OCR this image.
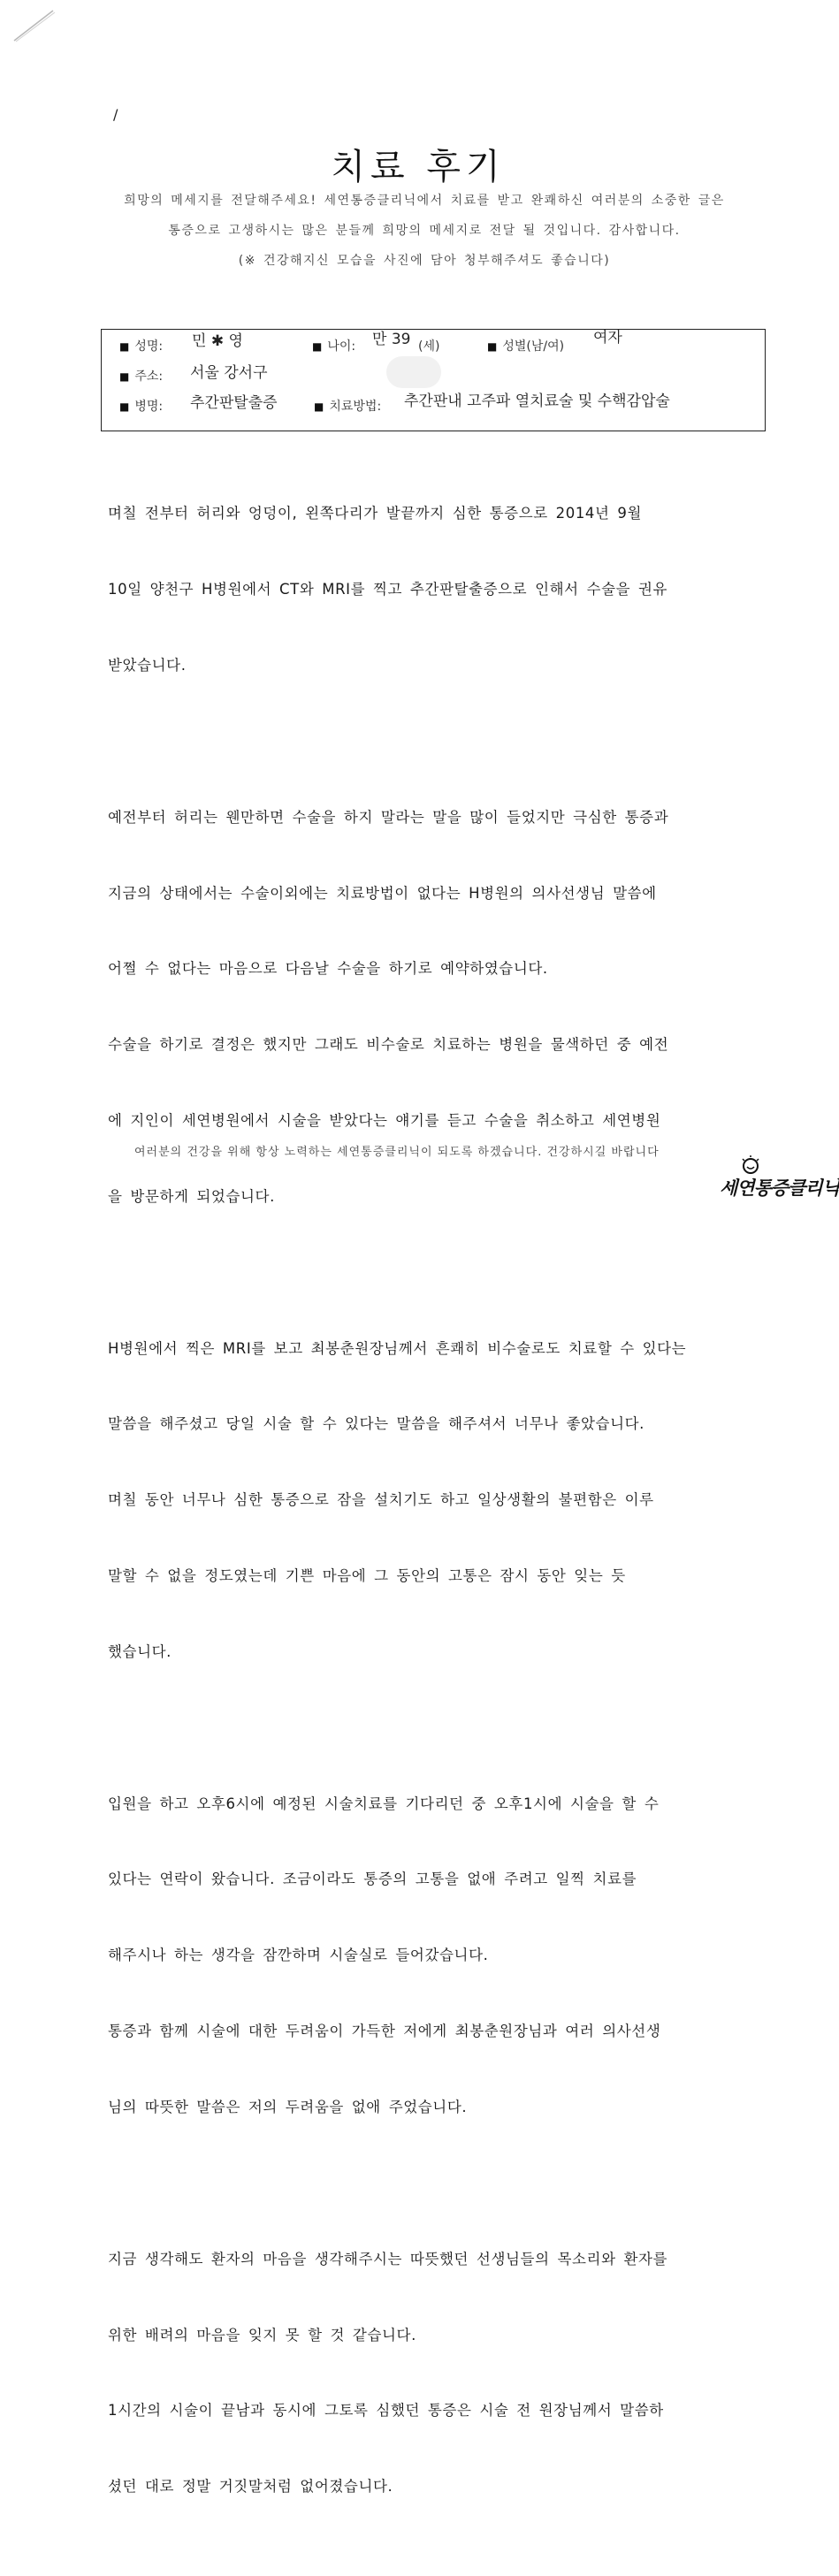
/
치료 후기
희망의 메세지를 전달해주세요! 세연통증클리닉에서 치료를 받고 완쾌하신 여러분의 소중한 글은
통증으로 고생하시는 많은 분들께 희망의 메세지로 전달 될 것입니다. 감사합니다.
(※ 건강해지신 모습을 사진에 담아 청부해주셔도 좋습니다)
■ 성명: 민 ✱ 영	■ 나이: 만 39 (세)	■ 성별(남/여) 여자
■ 주소: 서울 강서구
■ 병명: 추간판탈출증	■ 치료방법: 추간판내 고주파 열치료술 및 수핵감압술

며칠 전부터 허리와 엉덩이, 왼쪽다리가 발끝까지 심한 통증으로 2014년 9월

10일 양천구 H병원에서 CT와 MRI를 찍고 추간판탈출증으로 인해서 수술을 권유

받았습니다.

예전부터 허리는 웬만하면 수술을 하지 말라는 말을 많이 들었지만 극심한 통증과

지금의 상태에서는 수술이외에는 치료방법이 없다는 H병원의 의사선생님 말씀에

어쩔 수 없다는 마음으로 다음날 수술을 하기로 예약하였습니다.

수술을 하기로 결정은 했지만 그래도 비수술로 치료하는 병원을 물색하던 중 예전

에 지인이 세연병원에서 시술을 받았다는 얘기를 듣고 수술을 취소하고 세연병원

을 방문하게 되었습니다.

H병원에서 찍은 MRI를 보고 최봉춘원장님께서 흔쾌히 비수술로도 치료할 수 있다는

말씀을 해주셨고 당일 시술 할 수 있다는 말씀을 해주셔서 너무나 좋았습니다.

며칠 동안 너무나 심한 통증으로 잠을 설치기도 하고 일상생활의 불편함은 이루

말할 수 없을 정도였는데 기쁜 마음에 그 동안의 고통은 잠시 동안 잊는 듯

했습니다.

입원을 하고 오후6시에 예정된 시술치료를 기다리던 중 오후1시에 시술을 할 수

있다는 연락이 왔습니다. 조금이라도 통증의 고통을 없애 주려고 일찍 치료를

해주시나 하는 생각을 잠깐하며 시술실로 들어갔습니다.

통증과 함께 시술에 대한 두려움이 가득한 저에게 최봉춘원장님과 여러 의사선생

님의 따뜻한 말씀은 저의 두려움을 없애 주었습니다.

지금 생각해도 환자의 마음을 생각해주시는 따뜻했던 선생님들의 목소리와 환자를

위한 배려의 마음을 잊지 못 할 것 같습니다.

1시간의 시술이 끝남과 동시에 그토록 심했던 통증은 시술 전 원장님께서 말씀하

셨던 대로 정말 거짓말처럼 없어졌습니다.

여러분의 건강을 위해 항상 노력하는 세연통증클리닉이 되도록 하겠습니다. 건강하시길 바랍니다
세연통증클리닉
